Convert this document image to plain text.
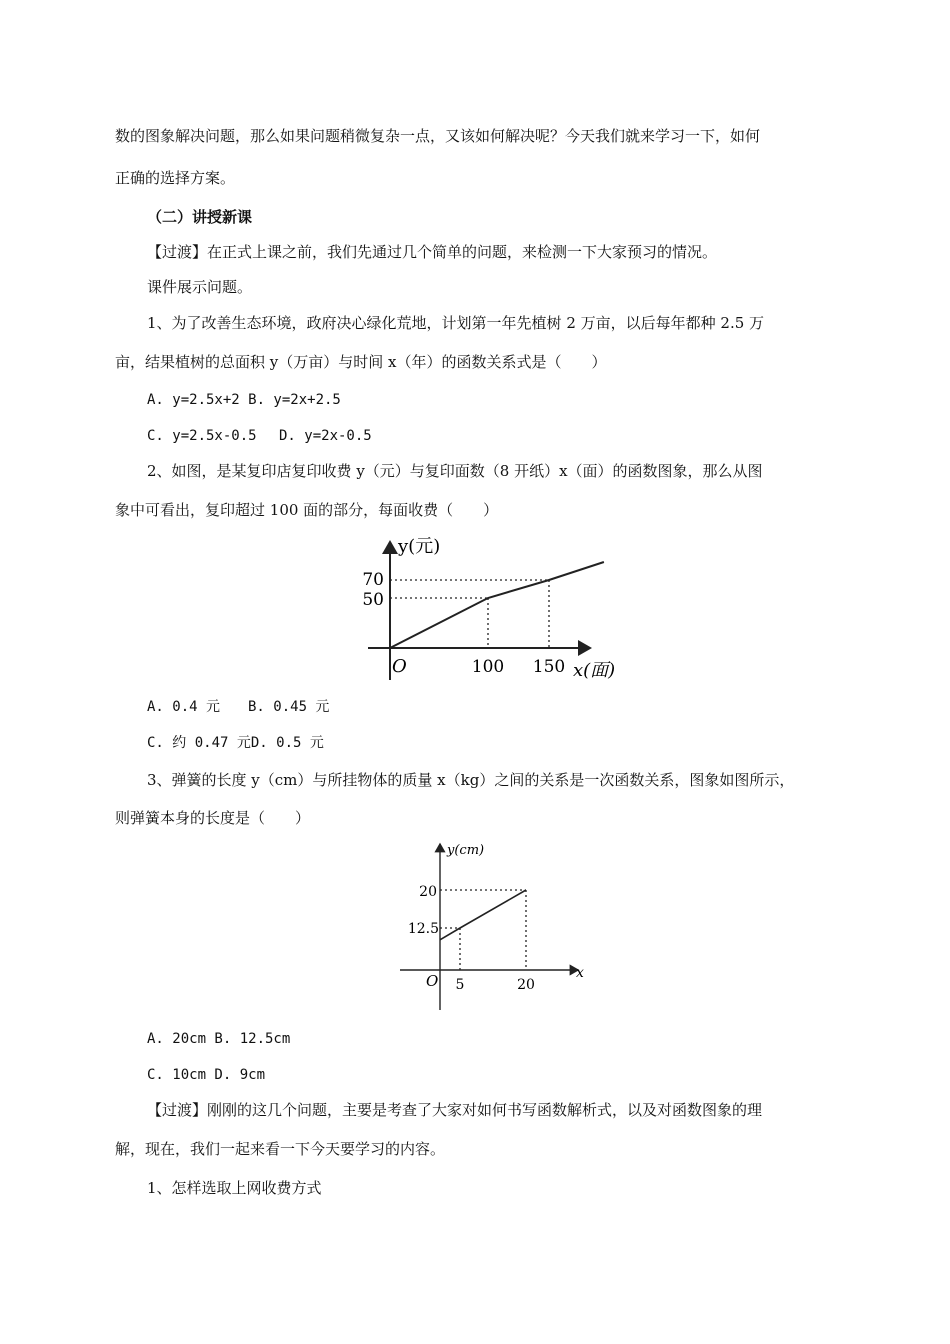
数的图象解决问题，那么如果问题稍微复杂一点，又该如何解决呢？今天我们就来学习一下，如何
正确的选择方案。
（二）讲授新课
【过渡】在正式上课之前，我们先通过几个简单的问题，来检测一下大家预习的情况。
课件展示问题。
1、为了改善生态环境，政府决心绿化荒地，计划第一年先植树 2 万亩，以后每年都种 2.5 万
亩，结果植树的总面积 y（万亩）与时间 x（年）的函数关系式是（　　）
A. y=2.5x+2 B. y=2x+2.5
C. y=2.5x-0.5　 D. y=2x-0.5
2、如图，是某复印店复印收费 y（元）与复印面数（8 开纸）x（面）的函数图象，那么从图
象中可看出，复印超过 100 面的部分，每面收费（　　）
y(元)
x(面)
O	100 150
50
70
A. 0.4 元　　B. 0.45 元
C. 约 0.47 元D. 0.5 元
3、弹簧的长度 y（cm）与所挂物体的质量 x（kg）之间的关系是一次函数关系，图象如图所示，
则弹簧本身的长度是（　　）
y(cm)
x
O 5	20
12.5
20
A. 20cm B. 12.5cm
C. 10cm D. 9cm
【过渡】刚刚的这几个问题，主要是考查了大家对如何书写函数解析式，以及对函数图象的理
解，现在，我们一起来看一下今天要学习的内容。
1、怎样选取上网收费方式
